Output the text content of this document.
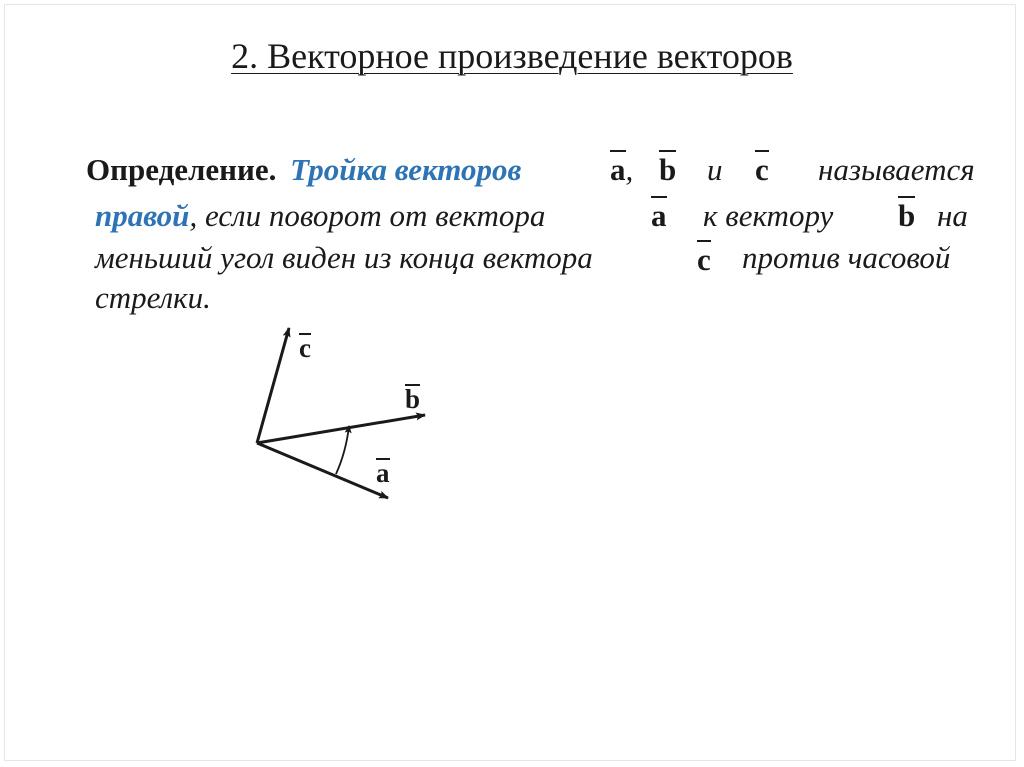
2. Векторное произведение векторов
Определение. Тройка векторов	a, b и c называется
правой, если поворот от вектора	a к вектору b на
меньший угол виден из конца вектора	c против часовой
стрелки.
c
b
a
